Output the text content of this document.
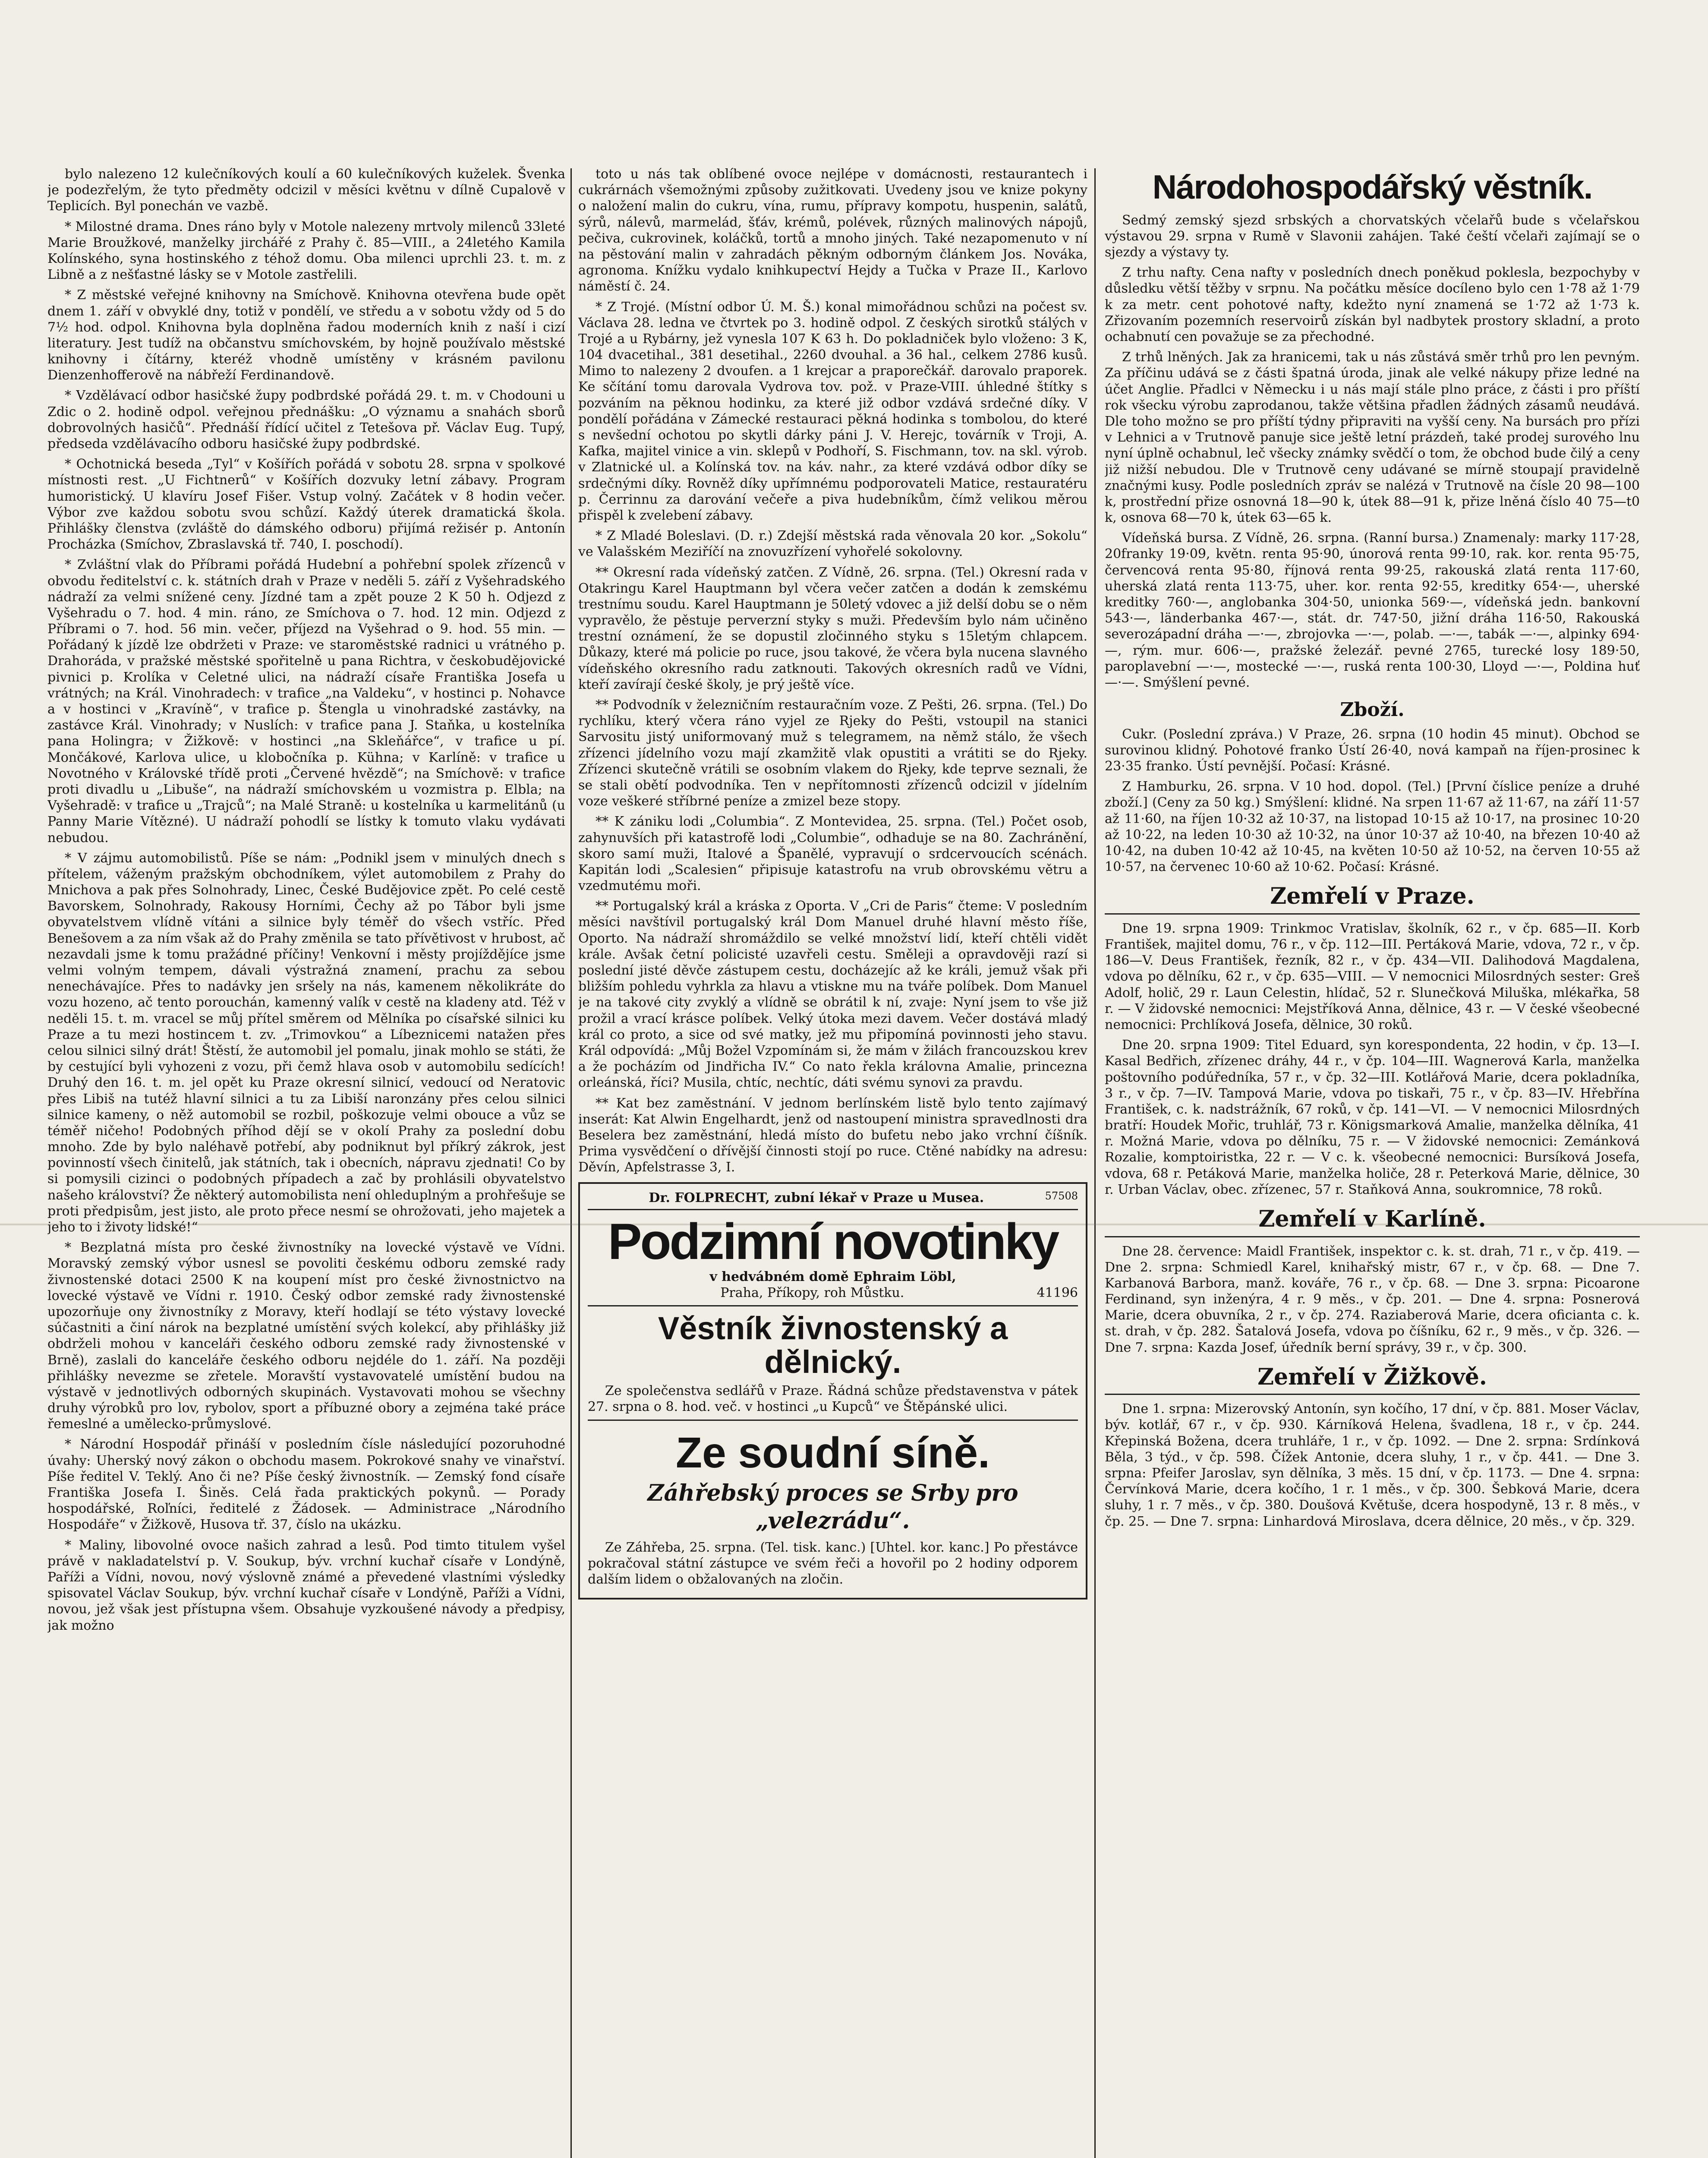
bylo nalezeno 12 kulečníkových koulí a 60 kulečníkových kuželek. Švenka je podezřelým, že tyto předměty odcizil v měsíci květnu v dílně Cupalově v Teplicích. Byl ponechán ve vazbě.

* Milostné drama. Dnes ráno byly v Motole nalezeny mrtvoly milenců 33leté Marie Broužkové, manželky jirchářé z Prahy č. 85—VIII., a 24letého Kamila Kolínského, syna hostinského z téhož domu. Oba milenci uprchli 23. t. m. z Libně a z nešťastné lásky se v Motole zastřelili.

* Z městské veřejné knihovny na Smíchově. Knihovna otevřena bude opět dnem 1. září v obvyklé dny, totiž v pondělí, ve středu a v sobotu vždy od 5 do 7½ hod. odpol. Knihovna byla doplněna řadou moderních knih z naší i cizí literatury. Jest tudíž na občanstvu smíchovském, by hojně používalo městské knihovny i čítárny, kteréž vhodně umístěny v krásném pavilonu Dienzenhofferově na nábřeží Ferdinandově.

* Vzdělávací odbor hasičské župy podbrdské pořádá 29. t. m. v Chodouni u Zdic o 2. hodině odpol. veřejnou přednášku: „O významu a snahách sborů dobrovolných hasičů“. Přednáší řídící učitel z Tetešova př. Václav Eug. Tupý, předseda vzdělávacího odboru hasičské župy podbrdské.

* Ochotnická beseda „Tyl“ v Košířích pořádá v sobotu 28. srpna v spolkové místnosti rest. „U Fichtnerů“ v Košířích dozvuky letní zábavy. Program humoristický. U klavíru Josef Fišer. Vstup volný. Začátek v 8 hodin večer. Výbor zve každou sobotu svou schůzí. Každý úterek dramatická škola. Přihlášky členstva (zvláště do dámského odboru) přijímá režisér p. Antonín Procházka (Smíchov, Zbraslavská tř. 740, I. poschodí).

* Zvláštní vlak do Příbrami pořádá Hudební a pohřební spolek zřízenců v obvodu ředitelství c. k. státních drah v Praze v neděli 5. září z Vyšehradského nádraží za velmi snížené ceny. Jízdné tam a zpět pouze 2 K 50 h. Odjezd z Vyšehradu o 7. hod. 4 min. ráno, ze Smíchova o 7. hod. 12 min. Odjezd z Příbrami o 7. hod. 56 min. večer, příjezd na Vyšehrad o 9. hod. 55 min. — Pořádaný k jízdě lze obdržeti v Praze: ve staroměstské radnici u vrátného p. Drahoráda, v pražské městské spořitelně u pana Richtra, v českobudějovické pivnici p. Krolíka v Celetné ulici, na nádraží císaře Františka Josefa u vrátných; na Král. Vinohradech: v trafice „na Valdeku“, v hostinci p. Nohavce a v hostinci v „Kravíně“, v trafice p. Štengla u vinohradské zastávky, na zastávce Král. Vinohrady; v Nuslích: v trafice pana J. Staňka, u kostelníka pana Holingra; v Žižkově: v hostinci „na Skleňářce“, v trafice u pí. Mončákové, Karlova ulice, u klobočníka p. Kühna; v Karlíně: v trafice u Novotného v Královské třídě proti „Červené hvězdě“; na Smíchově: v trafice proti divadlu u „Libuše“, na nádraží smíchovském u vozmistra p. Elbla; na Vyšehradě: v trafice u „Trajců“; na Malé Straně: u kostelníka u karmelitánů (u Panny Marie Vítězné). U nádraží pohodlí se lístky k tomuto vlaku vydávati nebudou.

* V zájmu automobilistů. Píše se nám: „Podnikl jsem v minulých dnech s přítelem, váženým pražským obchodníkem, výlet automobilem z Prahy do Mnichova a pak přes Solnohrady, Linec, České Budějovice zpět. Po celé cestě Bavorskem, Solnohrady, Rakousy Horními, Čechy až po Tábor byli jsme obyvatelstvem vlídně vítáni a silnice byly téměř do všech vstříc. Před Benešovem a za ním však až do Prahy změnila se tato přívětivost v hrubost, ač nezavdali jsme k tomu pražádné příčiny! Venkovní i městy projíždějíce jsme velmi volným tempem, dávali výstražná znamení, prachu za sebou nenechávajíce. Přes to nadávky jen sršely na nás, kamenem několikráte do vozu hozeno, ač tento porouchán, kamenný valík v cestě na kladeny atd. Též v neděli 15. t. m. vracel se můj přítel směrem od Mělníka po císařské silnici ku Praze a tu mezi hostincem t. zv. „Trimovkou“ a Líbeznicemi natažen přes celou silnici silný drát! Štěstí, že automobil jel pomalu, jinak mohlo se státi, že by cestující byli vyhozeni z vozu, při čemž hlava osob v automobilu sedících! Druhý den 16. t. m. jel opět ku Praze okresní silnicí, vedoucí od Neratovic přes Libiš na tutéž hlavní silnici a tu za Libiší naronzány přes celou silnici silnice kameny, o něž automobil se rozbil, poškozuje velmi obouce a vůz se téměř ničeho! Podobných příhod dějí se v okolí Prahy za poslední dobu mnoho. Zde by bylo naléhavě potřebí, aby podniknut byl příkrý zákrok, jest povinností všech činitelů, jak státních, tak i obecních, nápravu zjednati! Co by si pomysili cizinci o podobných případech a zač by prohlásili obyvatelstvo našeho království? Že některý automobilista není ohleduplným a prohřešuje se proti předpisům, jest jisto, ale proto přece nesmí se ohrožovati, jeho majetek a jeho to i životy lidské!“

* Bezplatná místa pro české živnostníky na lovecké výstavě ve Vídni. Moravský zemský výbor usnesl se povoliti českému odboru zemské rady živnostenské dotaci 2500 K na koupení míst pro české živnostnictvo na lovecké výstavě ve Vídni r. 1910. Český odbor zemské rady živnostenské upozorňuje ony živnostníky z Moravy, kteří hodlají se této výstavy lovecké súčastniti a činí nárok na bezplatné umístění svých kolekcí, aby přihlášky již obdrželi mohou v kanceláři českého odboru zemské rady živnostenské v Brně), zaslali do kanceláře českého odboru nejdéle do 1. září. Na později přihlášky nevezme se zřetele. Moravští vystavovatelé umístění budou na výstavě v jednotlivých odborných skupinách. Vystavovati mohou se všechny druhy výrobků pro lov, rybolov, sport a příbuzné obory a zejména také práce řemeslné a umělecko-průmyslové.

* Národní Hospodář přináší v posledním čísle následující pozoruhodné úvahy: Uherský nový zákon o obchodu masem. Pokrokové snahy ve vinařství. Píše ředitel V. Teklý. Ano či ne? Píše český živnostník. — Zemský fond císaře Františka Josefa I. Šiněs. Celá řada praktických pokynů. — Porady hospodářské, Roľníci, ředitelé z Žádosek. — Administrace „Národního Hospodáře“ v Žižkově, Husova tř. 37, číslo na ukázku.

* Maliny, libovolné ovoce našich zahrad a lesů. Pod timto titulem vyšel právě v nakladatelství p. V. Soukup, býv. vrchní kuchař císaře v Londýně, Paříži a Vídni, novou, nový výslovně známé a převedené vlastními výsledky spisovatel Václav Soukup, býv. vrchní kuchař císaře v Londýně, Paříži a Vídni, novou, jež však jest přístupna všem. Obsahuje vyzkoušené návody a předpisy, jak možno

toto u nás tak oblíbené ovoce nejlépe v domácnosti, restaurantech i cukrárnách všemožnými způsoby zužitkovati. Uvedeny jsou ve knize pokyny o naložení malin do cukru, vína, rumu, přípravy kompotu, huspenin, salátů, sýrů, nálevů, marmelád, šťáv, krémů, polévek, různých malinových nápojů, pečiva, cukrovinek, koláčků, tortů a mnoho jiných. Také nezapomenuto v ní na pěstování malin v zahradách pěkným odborným článkem Jos. Nováka, agronoma. Knížku vydalo knihkupectví Hejdy a Tučka v Praze II., Karlovo náměstí č. 24.

* Z Trojé. (Místní odbor Ú. M. Š.) konal mimořádnou schůzi na počest sv. Václava 28. ledna ve čtvrtek po 3. hodině odpol. Z českých sirotků stálých v Trojé a u Rybárny, jež vynesla 107 K 63 h. Do pokladniček bylo vloženo: 3 K, 104 dvacetihal., 381 desetihal., 2260 dvouhal. a 36 hal., celkem 2786 kusů. Mimo to nalezeny 2 dvoufen. a 1 krejcar a praporečkář. darovalo praporek. Ke sčítání tomu darovala Vydrova tov. pož. v Praze-VIII. úhledné štítky s pozváním na pěknou hodinku, za které již odbor vzdává srdečné díky. V pondělí pořádána v Zámecké restauraci pěkná hodinka s tombolou, do které s nevšední ochotou po skytli dárky páni J. V. Herejc, továrník v Troji, A. Kafka, majitel vinice a vin. sklepů v Podhoří, S. Fischmann, tov. na skl. výrob. v Zlatnické ul. a Kolínská tov. na káv. nahr., za které vzdává odbor díky se srdečnými díky. Rovněž díky upřímnému podporovateli Matice, restauratéru p. Čerrinnu za darování večeře a piva hudebníkům, čímž velikou měrou přispěl k zvelebení zábavy.

* Z Mladé Boleslavi. (D. r.) Zdejší městská rada věnovala 20 kor. „Sokolu“ ve Valašském Meziříčí na znovuzřízení vyhořelé sokolovny.

** Okresní rada vídeňský zatčen. Z Vídně, 26. srpna. (Tel.) Okresní rada v Otakringu Karel Hauptmann byl včera večer zatčen a dodán k zemskému trestnímu soudu. Karel Hauptmann je 50letý vdovec a již delší dobu se o něm vypravělo, že pěstuje perverzní styky s muži. Především bylo nám učiněno trestní oznámení, že se dopustil zločinného styku s 15letým chlapcem. Důkazy, které má policie po ruce, jsou takové, že včera byla nucena slavného vídeňského okresního radu zatknouti. Takových okresních radů ve Vídni, kteří zavírají české školy, je prý ještě více.

** Podvodník v železničním restauračním voze. Z Pešti, 26. srpna. (Tel.) Do rychlíku, který včera ráno vyjel ze Rjeky do Pešti, vstoupil na stanici Sarvositu jistý uniformovaný muž s telegramem, na němž stálo, že všech zřízenci jídelního vozu mají zkamžitě vlak opustiti a vrátiti se do Rjeky. Zřízenci skutečně vrátili se osobním vlakem do Rjeky, kde teprve seznali, že se stali obětí podvodníka. Ten v nepřítomnosti zřízenců odcizil v jídelním voze veškeré stříbrné peníze a zmizel beze stopy.

** K zániku lodi „Columbia“. Z Montevidea, 25. srpna. (Tel.) Počet osob, zahynuvších při katastrofě lodi „Columbie“, odhaduje se na 80. Zachránění, skoro samí muži, Italové a Španělé, vypravují o srdcervoucích scénách. Kapitán lodi „Scalesien“ připisuje katastrofu na vrub obrovskému větru a vzedmutému moři.

** Portugalský král a kráska z Oporta. V „Cri de Paris“ čteme: V posledním měsíci navštívil portugalský král Dom Manuel druhé hlavní město říše, Oporto. Na nádraží shromáždilo se velké množství lidí, kteří chtěli vidět krále. Avšak četní policisté uzavřeli cestu. Směleji a opravdověji razí si poslední jisté děvče zástupem cestu, docházejíc až ke králi, jemuž však při bližším pohledu vyhrkla za hlavu a vtiskne mu na tváře políbek. Dom Manuel je na takové city zvyklý a vlídně se obrátil k ní, zvaje: Nyní jsem to vše již prožil a vrací krásce políbek. Velký útoka mezi davem. Večer dostává mladý král co proto, a sice od své matky, jež mu připomíná povinnosti jeho stavu. Král odpovídá: „Můj Božel Vzpomínám si, že mám v žilách francouzskou krev a že pocházím od Jindřicha IV.“ Co nato řekla královna Amalie, princezna orleánská, říci? Musila, chtíc, nechtíc, dáti svému synovi za pravdu.

** Kat bez zaměstnání. V jednom berlínském listě bylo tento zajímavý inserát: Kat Alwin Engelhardt, jenž od nastoupení ministra spravedlnosti dra Beselera bez zaměstnání, hledá místo do bufetu nebo jako vrchní číšník. Prima vysvědčení o dřívější činnosti stojí po ruce. Ctěné nabídky na adresu: Děvín, Apfelstrasse 3, I.

Dr. FOLPRECHT, zubní lékař v Praze u Musea.	57508
Podzimní novotinky
v hedvábném domě Ephraim Löbl,
Praha, Příkopy, roh Můstku.	41196
Věstník živnostenský a dělnický.

Ze společenstva sedlářů v Praze. Řádná schůze představenstva v pátek 27. srpna o 8. hod. več. v hostinci „u Kupců“ ve Štěpánské ulici.

Ze soudní síně.
Záhřebský proces se Srby pro „velezrádu“.

Ze Záhřeba, 25. srpna. (Tel. tisk. kanc.) [Uhtel. kor. kanc.] Po přestávce pokračoval státní zástupce ve svém řeči a hovořil po 2 hodiny odporem dalším lidem o obžalovaných na zločin.

Národohospodářský věstník.

Sedmý zemský sjezd srbských a chorvatských včelařů bude s včelařskou výstavou 29. srpna v Rumě v Slavonii zahájen. Také čeští včelaři zajímají se o sjezdy a výstavy ty.

Z trhu nafty. Cena nafty v posledních dnech poněkud poklesla, bezpochyby v důsledku větší těžby v srpnu. Na počátku měsíce docíleno bylo cen 1·78 až 1·79 k za metr. cent pohotové nafty, kdežto nyní znamená se 1·72 až 1·73 k. Zřizovaním pozemních reservoirů získán byl nadbytek prostory skladní, a proto ochabnutí cen považuje se za přechodné.

Z trhů lněných. Jak za hranicemi, tak u nás zůstává směr trhů pro len pevným. Za příčinu udává se z části špatná úroda, jinak ale velké nákupy přize ledné na účet Anglie. Přadlci v Německu i u nás mají stále plno práce, z části i pro příští rok všecku výrobu zaprodanou, takže většina přadlen žádných zásamů neudává. Dle toho možno se pro příští týdny připraviti na vyšší ceny. Na bursách pro přízi v Lehnici a v Trutnově panuje sice ještě letní prázdeň, také prodej surového lnu nyní úplně ochabnul, leč všecky známky svědčí o tom, že obchod bude čilý a ceny již nižší nebudou. Dle v Trutnově ceny udávané se mírně stoupají pravidelně značnými kusy. Podle posledních zpráv se nalézá v Trutnově na čísle 20 98—100 k, prostřední přize osnovná 18—90 k, útek 88—91 k, přize lněná číslo 40 75—t0 k, osnova 68—70 k, útek 63—65 k.

Vídeňská bursa. Z Vídně, 26. srpna. (Ranní bursa.) Znamenaly: marky 117·28, 20franky 19·09, květn. renta 95·90, únorová renta 99·10, rak. kor. renta 95·75, červencová renta 95·80, říjnová renta 99·25, rakouská zlatá renta 117·60, uherská zlatá renta 113·75, uher. kor. renta 92·55, kreditky 654·—, uherské kreditky 760·—, anglobanka 304·50, unionka 569·—, vídeňská jedn. bankovní 543·—, länderbanka 467·—, stát. dr. 747·50, jižní dráha 116·50, Rakouská severozápadní dráha —·—, zbrojovka —·—, polab. —·—, tabák —·—, alpinky 694·—, rým. mur. 606·—, pražské železář. pevné 2765, turecké losy 189·50, paroplavební —·—, mostecké —·—, ruská renta 100·30, Lloyd —·—, Poldina huť —·—. Smýšlení pevné.

Zboží.

Cukr. (Poslední zpráva.) V Praze, 26. srpna (10 hodin 45 minut). Obchod se surovinou klidný. Pohotové franko Ústí 26·40, nová kampaň na říjen-prosinec k 23·35 franko. Ústí pevnější. Počasí: Krásné.

Z Hamburku, 26. srpna. V 10 hod. dopol. (Tel.) [První číslice peníze a druhé zboží.] (Ceny za 50 kg.) Smýšlení: klidné. Na srpen 11·67 až 11·67, na září 11·57 až 11·60, na říjen 10·32 až 10·37, na listopad 10·15 až 10·17, na prosinec 10·20 až 10·22, na leden 10·30 až 10·32, na únor 10·37 až 10·40, na březen 10·40 až 10·42, na duben 10·42 až 10·45, na květen 10·50 až 10·52, na červen 10·55 až 10·57, na červenec 10·60 až 10·62. Počasí: Krásné.

Zemřelí v Praze.

Dne 19. srpna 1909: Trinkmoc Vratislav, školník, 62 r., v čp. 685—II. Korb František, majitel domu, 76 r., v čp. 112—III. Pertáková Marie, vdova, 72 r., v čp. 186—V. Deus František, řezník, 82 r., v čp. 434—VII. Dalihodová Magdalena, vdova po dělníku, 62 r., v čp. 635—VIII. — V nemocnici Milosrdných sester: Greš Adolf, holič, 29 r. Laun Celestin, hlídač, 52 r. Slunečková Miluška, mlékařka, 58 r. — V židovské nemocnici: Mejstříková Anna, dělnice, 43 r. — V české všeobecné nemocnici: Prchlíková Josefa, dělnice, 30 roků.

Dne 20. srpna 1909: Titel Eduard, syn korespondenta, 22 hodin, v čp. 13—I. Kasal Bedřich, zřízenec dráhy, 44 r., v čp. 104—III. Wagnerová Karla, manželka poštovního podúředníka, 57 r., v čp. 32—III. Kotlářová Marie, dcera pokladníka, 3 r., v čp. 7—IV. Tampová Marie, vdova po tiskaři, 75 r., v čp. 83—IV. Hřebřína František, c. k. nadstrážník, 67 roků, v čp. 141—VI. — V nemocnici Milosrdných bratří: Houdek Mořic, truhlář, 73 r. Königsmarková Amalie, manželka dělníka, 41 r. Možná Marie, vdova po dělníku, 75 r. — V židovské nemocnici: Zemánková Rozalie, komptoiristka, 22 r. — V c. k. všeobecné nemocnici: Bursíková Josefa, vdova, 68 r. Petáková Marie, manželka holiče, 28 r. Peterková Marie, dělnice, 30 r. Urban Václav, obec. zřízenec, 57 r. Staňková Anna, soukromnice, 78 roků.

Zemřelí v Karlíně.

Dne 28. července: Maidl František, inspektor c. k. st. drah, 71 r., v čp. 419. — Dne 2. srpna: Schmiedl Karel, knihařský mistr, 67 r., v čp. 68. — Dne 7. Karbanová Barbora, manž. kováře, 76 r., v čp. 68. — Dne 3. srpna: Picoarone Ferdinand, syn inženýra, 4 r. 9 měs., v čp. 201. — Dne 4. srpna: Posnerová Marie, dcera obuvníka, 2 r., v čp. 274. Raziaberová Marie, dcera oficianta c. k. st. drah, v čp. 282. Šatalová Josefa, vdova po číšníku, 62 r., 9 měs., v čp. 326. — Dne 7. srpna: Kazda Josef, úředník berní správy, 39 r., v čp. 300.

Zemřelí v Žižkově.

Dne 1. srpna: Mizerovský Antonín, syn kočího, 17 dní, v čp. 881. Moser Václav, býv. kotlář, 67 r., v čp. 930. Kárníková Helena, švadlena, 18 r., v čp. 244. Křepinská Božena, dcera truhláře, 1 r., v čp. 1092. — Dne 2. srpna: Srdínková Běla, 3 týd., v čp. 598. Čížek Antonie, dcera sluhy, 1 r., v čp. 441. — Dne 3. srpna: Pfeifer Jaroslav, syn dělníka, 3 měs. 15 dní, v čp. 1173. — Dne 4. srpna: Červínková Marie, dcera kočího, 1 r. 1 měs., v čp. 300. Šebková Marie, dcera sluhy, 1 r. 7 měs., v čp. 380. Doušová Květuše, dcera hospodyně, 13 r. 8 měs., v čp. 25. — Dne 7. srpna: Linhardová Miroslava, dcera dělnice, 20 měs., v čp. 329.
